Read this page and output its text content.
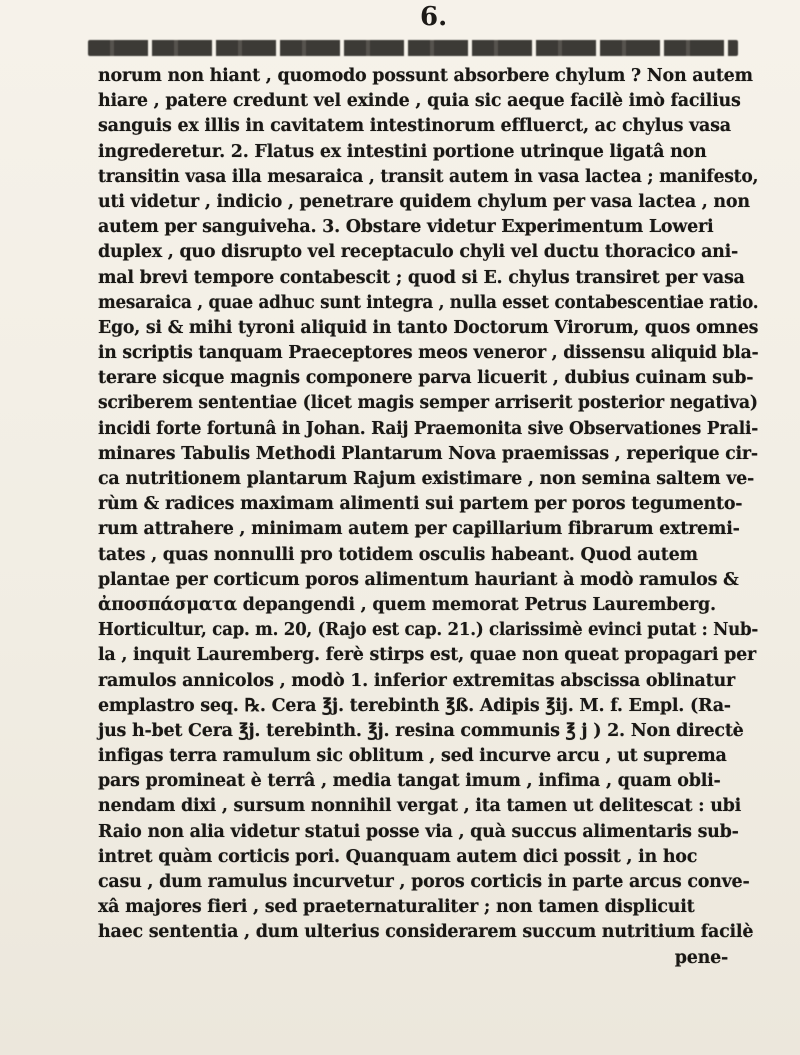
6.
norum non hiant , quomodo possunt absorbere chylum ? Non autem
hiare , patere credunt vel exinde , quia sic aeque facilè imò facilius
sanguis ex illis in cavitatem intestinorum effluerct, ac chylus vasa
ingrederetur. 2. Flatus ex intestini portione utrinque ligatâ non
transitin vasa illa mesaraica , transit autem in vasa lactea ; manifesto,
uti videtur , indicio , penetrare quidem chylum per vasa lactea , non
autem per sanguiveha. 3. Obstare videtur Experimentum Loweri
duplex , quo disrupto vel receptaculo chyli vel ductu thoracico ani-
mal brevi tempore contabescit ; quod si E. chylus transiret per vasa
mesaraica , quae adhuc sunt integra , nulla esset contabescentiae ratio.
Ego, si & mihi tyroni aliquid in tanto Doctorum Virorum, quos omnes
in scriptis tanquam Praeceptores meos veneror , dissensu aliquid bla-
terare sicque magnis componere parva licuerit , dubius cuinam sub-
scriberem sententiae (licet magis semper arriserit posterior negativa)
incidi forte fortunâ in Johan. Raij Praemonita sive Observationes Prali-
minares Tabulis Methodi Plantarum Nova praemissas , reperique cir-
ca nutritionem plantarum Rajum existimare , non semina saltem ve-
rùm & radices maximam alimenti sui partem per poros tegumento-
rum attrahere , minimam autem per capillarium fibrarum extremi-
tates , quas nonnulli pro totidem osculis habeant. Quod autem
plantae per corticum poros alimentum hauriant à modò ramulos &
ἀποσπάσματα depangendi , quem memorat Petrus Lauremberg.
Horticultur, cap. m. 20, (Rajo est cap. 21.) clarissimè evinci putat : Nub-
la , inquit Lauremberg. ferè stirps est, quae non queat propagari per
ramulos annicolos , modò 1. inferior extremitas abscissa oblinatur
emplastro seq. ℞. Cera ℥j. terebinth ℥ß. Adipis ℥ij. M. f. Empl. (Ra-
jus h-bet Cera ℥j. terebinth. ℥j. resina communis ℥ j ) 2. Non directè
infigas terra ramulum sic oblitum , sed incurve arcu , ut suprema
pars promineat è terrâ , media tangat imum , infima , quam obli-
nendam dixi , sursum nonnihil vergat , ita tamen ut delitescat : ubi
Raio non alia videtur statui posse via , quà succus alimentaris sub-
intret quàm corticis pori. Quanquam autem dici possit , in hoc
casu , dum ramulus incurvetur , poros corticis in parte arcus conve-
xâ majores fieri , sed praeternaturaliter ; non tamen displicuit
haec sententia , dum ulterius considerarem succum nutritium facilè
pene-
